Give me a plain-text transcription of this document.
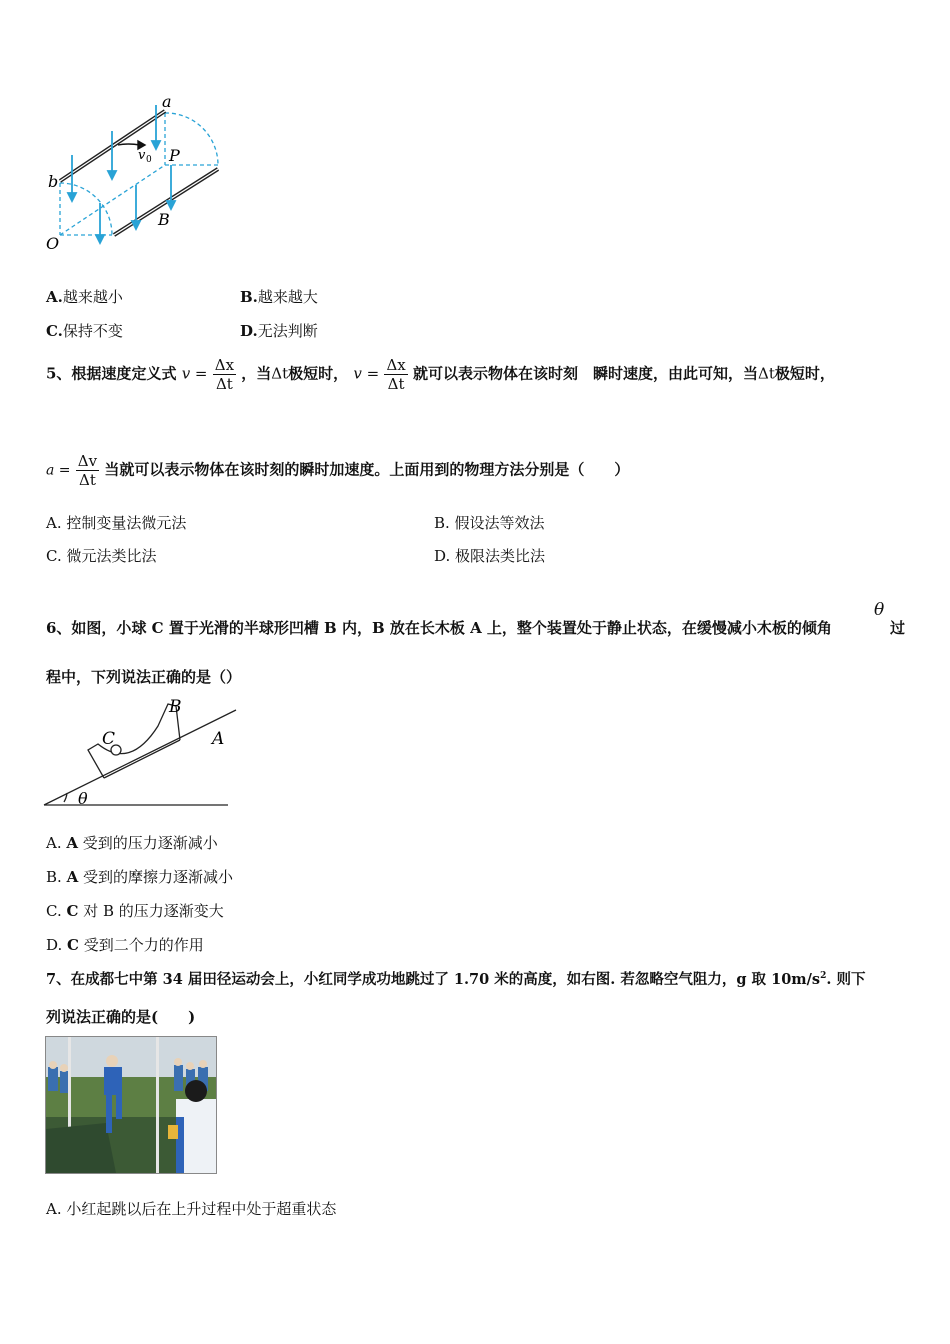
a
b
O
P
B
v 0
A.越来越小	B.越来越大
C.保持不变	D.无法判断
5、根据速度定义式 $v = \frac{\Delta x}{\Delta t}$ ，当Δt极短时， $v = \frac{\Delta x}{\Delta t}$ 就可以表示物体在该时刻　瞬时速度，由此可知，当Δt极短时，
$a = \frac{\Delta v}{\Delta t}$ 当就可以表示物体在该时刻的瞬时加速度。上面用到的物理方法分别是（　　）
A. 控制变量法微元法	B. 假设法等效法
C. 微元法类比法	D. 极限法类比法
6、如图，小球 C 置于光滑的半球形凹槽 B 内，B 放在长木板 A 上，整个装置处于静止状态，在缓慢减小木板的倾角
θ
过
程中，下列说法正确的是（）
B
C	A
θ
A. A 受到的压力逐渐减小
B. A 受到的摩擦力逐渐减小
C. C 对 B 的压力逐渐变大
D. C 受到二个力的作用
7、在成都七中第 34 届田径运动会上，小红同学成功地跳过了 1.70 米的高度，如右图. 若忽略空气阻力，g 取 $10m/s^2$. 则下
列说法正确的是(　　)
A. 小红起跳以后在上升过程中处于超重状态
